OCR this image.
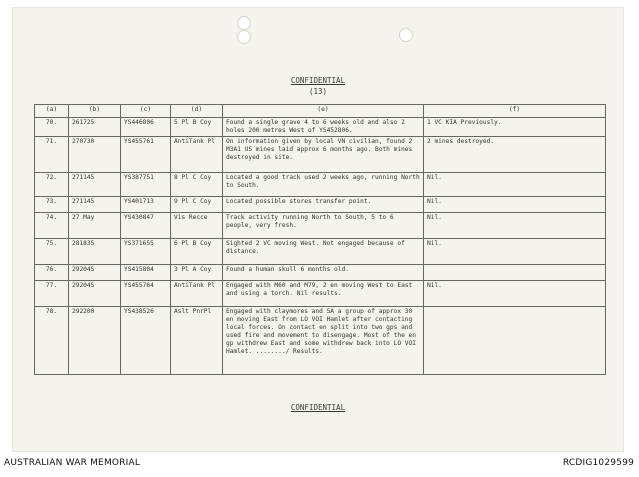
CONFIDENTIAL
(13)
(a)	(b)	(c)	(d)	(e)	(f)
70.	261725	YS446806	5 Pl B Coy	Found a single grave 4 to 6 weeks old and also 2 holes 200 metres West of YS452806.	1 VC KIA Previously.
71.	270730	YS455761	AntiTank Pl	On information given by local VN civilian, found 2 M3A1 US mines laid approx 6 months ago. Both mines destroyed in site.	2 mines destroyed.
72.	271145	YS387751	8 Pl C Coy	Located a good track used 2 weeks ago, running North to South.	Nil.
73.	271145	YS401713	9 Pl C Coy	Located possible stores transfer point.	Nil.
74.	27 May	YS430847	Vis Recce	Track activity running North to South, 5 to 6 people, very fresh.	Nil.
75.	281835	YS371655	6 Pl B Coy	Sighted 2 VC moving West. Not engaged because of distance.	Nil.
76.	292045	YS415804	3 Pl A Coy	Found a human skull 6 months old.	
77.	292045	YS455764	AntiTank Pl	Engaged with M60 and M79, 2 en moving West to East and using a torch. Nil results.	Nil.
78.	292200	YS438526	Aslt PnrPl	Engaged with claymores and SA a group of approx 30 en moving East from LO VOI Hamlet after contacting local forces. On contact en split into two gps and used fire and movement to disengage. Most of the en gp withdrew East and some withdrew back into LO VOI Hamlet. ......../ Results.	
CONFIDENTIAL
AUSTRALIAN WAR MEMORIAL	RCDIG1029599
